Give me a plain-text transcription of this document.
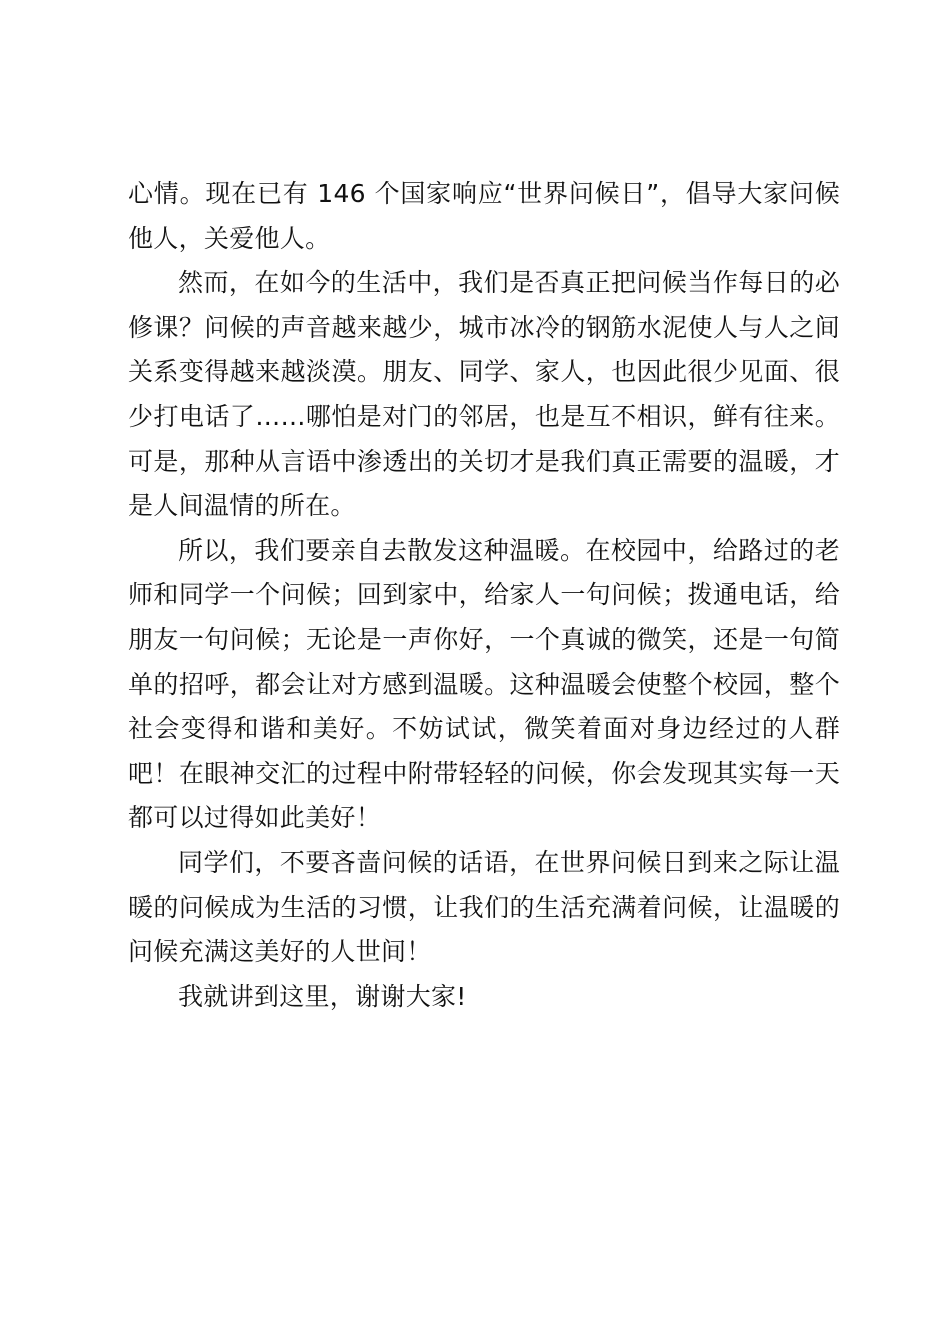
心情。现在已有 146 个国家响应“世界问候日”，倡导大家问候他人，关爱他人。

然而，在如今的生活中，我们是否真正把问候当作每日的必修课？问候的声音越来越少，城市冰冷的钢筋水泥使人与人之间关系变得越来越淡漠。朋友、同学、家人，也因此很少见面、很少打电话了……哪怕是对门的邻居，也是互不相识，鲜有往来。可是，那种从言语中渗透出的关切才是我们真正需要的温暖，才是人间温情的所在。

所以，我们要亲自去散发这种温暖。在校园中，给路过的老师和同学一个问候；回到家中，给家人一句问候；拨通电话，给朋友一句问候；无论是一声你好，一个真诚的微笑，还是一句简单的招呼，都会让对方感到温暖。这种温暖会使整个校园，整个社会变得和谐和美好。不妨试试，微笑着面对身边经过的人群吧！在眼神交汇的过程中附带轻轻的问候，你会发现其实每一天都可以过得如此美好！

同学们，不要吝啬问候的话语，在世界问候日到来之际让温暖的问候成为生活的习惯，让我们的生活充满着问候，让温暖的问候充满这美好的人世间！

我就讲到这里，谢谢大家!
